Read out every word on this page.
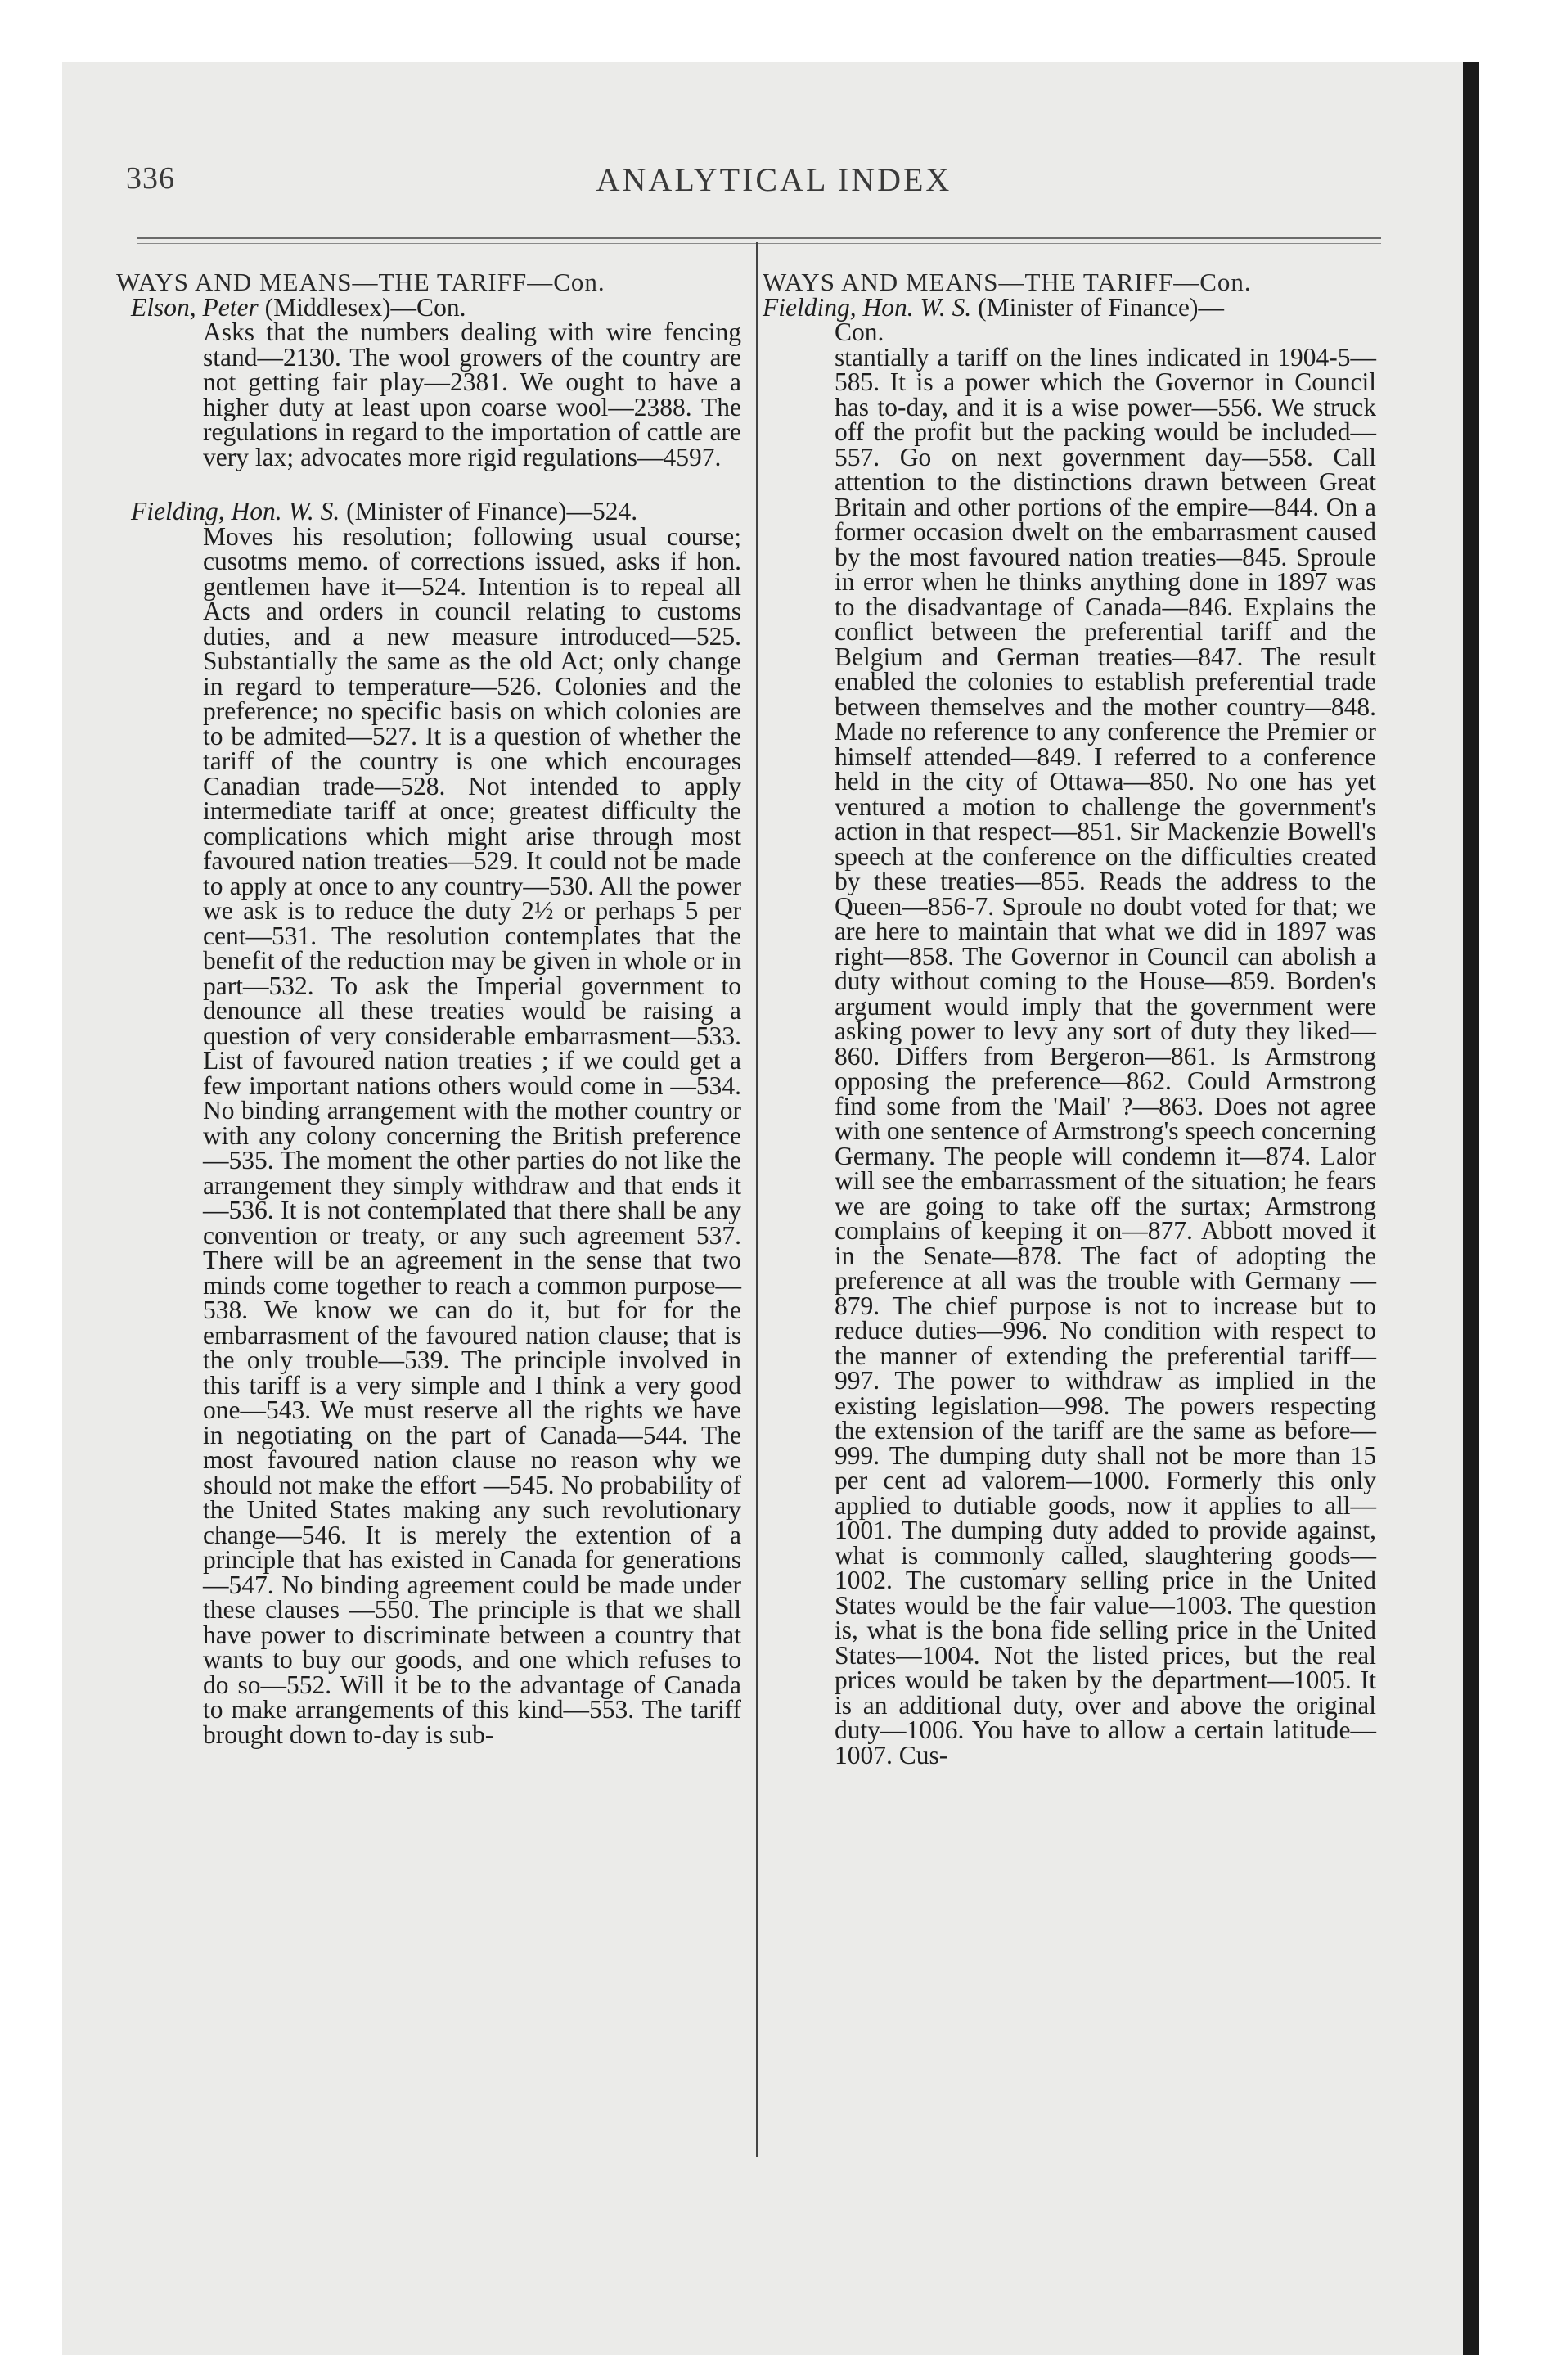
336	ANALYTICAL INDEX

WAYS AND MEANS—THE TARIFF—Con.

Elson, Peter (Middlesex)—Con.

Asks that the numbers dealing with wire fencing stand—2130. The wool growers of the country are not getting fair play—2381. We ought to have a higher duty at least upon coarse wool—2388. The regulations in regard to the importation of cattle are very lax; advocates more rigid regulations—4597.

Fielding, Hon. W. S. (Minister of Finance)—524.

Moves his resolution; following usual course; cusotms memo. of corrections issued, asks if hon. gentlemen have it—524. Intention is to repeal all Acts and orders in council relating to customs duties, and a new measure introduced—525. Substantially the same as the old Act; only change in regard to temperature—526. Colonies and the preference; no specific basis on which colonies are to be admited—527. It is a question of whether the tariff of the country is one which encourages Canadian trade—528. Not intended to apply intermediate tariff at once; greatest difficulty the complications which might arise through most favoured nation treaties—529. It could not be made to apply at once to any country—530. All the power we ask is to reduce the duty 2½ or perhaps 5 per cent—531. The resolution contemplates that the benefit of the reduction may be given in whole or in part—532. To ask the Imperial government to denounce all these treaties would be raising a question of very considerable embarrasment—533. List of favoured nation treaties ; if we could get a few important nations others would come in —534. No binding arrangement with the mother country or with any colony concerning the British preference—535. The moment the other parties do not like the arrangement they simply withdraw and that ends it—536. It is not contemplated that there shall be any convention or treaty, or any such agreement 537. There will be an agreement in the sense that two minds come together to reach a common purpose—538. We know we can do it, but for for the embarrasment of the favoured nation clause; that is the only trouble—539. The principle involved in this tariff is a very simple and I think a very good one—543. We must reserve all the rights we have in negotiating on the part of Canada—544. The most favoured nation clause no reason why we should not make the effort —545. No probability of the United States making any such revolutionary change—546. It is merely the extention of a principle that has existed in Canada for generations—547. No binding agreement could be made under these clauses —550. The principle is that we shall have power to discriminate between a country that wants to buy our goods, and one which refuses to do so—552. Will it be to the advantage of Canada to make arrangements of this kind—553. The tariff brought down to-day is sub-

WAYS AND MEANS—THE TARIFF—Con.

Fielding, Hon. W. S. (Minister of Finance)—
Con.

stantially a tariff on the lines indicated in 1904-5—585. It is a power which the Governor in Council has to-day, and it is a wise power—556. We struck off the profit but the packing would be included—557. Go on next government day—558. Call attention to the distinctions drawn between Great Britain and other portions of the empire—844. On a former occasion dwelt on the embarrasment caused by the most favoured nation treaties—845. Sproule in error when he thinks anything done in 1897 was to the disadvantage of Canada—846. Explains the conflict between the preferential tariff and the Belgium and German treaties—847. The result enabled the colonies to establish preferential trade between themselves and the mother country—848. Made no reference to any conference the Premier or himself attended—849. I referred to a conference held in the city of Ottawa—850. No one has yet ventured a motion to challenge the government's action in that respect—851. Sir Mackenzie Bowell's speech at the conference on the difficulties created by these treaties—855. Reads the address to the Queen—856-7. Sproule no doubt voted for that; we are here to maintain that what we did in 1897 was right—858. The Governor in Council can abolish a duty without coming to the House—859. Borden's argument would imply that the government were asking power to levy any sort of duty they liked—860. Differs from Bergeron—861. Is Armstrong opposing the preference—862. Could Armstrong find some from the 'Mail' ?—863. Does not agree with one sentence of Armstrong's speech concerning Germany. The people will condemn it—874. Lalor will see the embarrassment of the situation; he fears we are going to take off the surtax; Armstrong complains of keeping it on—877. Abbott moved it in the Senate—878. The fact of adopting the preference at all was the trouble with Germany —879. The chief purpose is not to increase but to reduce duties—996. No condition with respect to the manner of extending the preferential tariff—997. The power to withdraw as implied in the existing legislation—998. The powers respecting the extension of the tariff are the same as before—999. The dumping duty shall not be more than 15 per cent ad valorem—1000. Formerly this only applied to dutiable goods, now it applies to all—1001. The dumping duty added to provide against, what is commonly called, slaughtering goods—1002. The customary selling price in the United States would be the fair value—1003. The question is, what is the bona fide selling price in the United States—1004. Not the listed prices, but the real prices would be taken by the department—1005. It is an additional duty, over and above the original duty—1006. You have to allow a certain latitude—1007. Cus-
